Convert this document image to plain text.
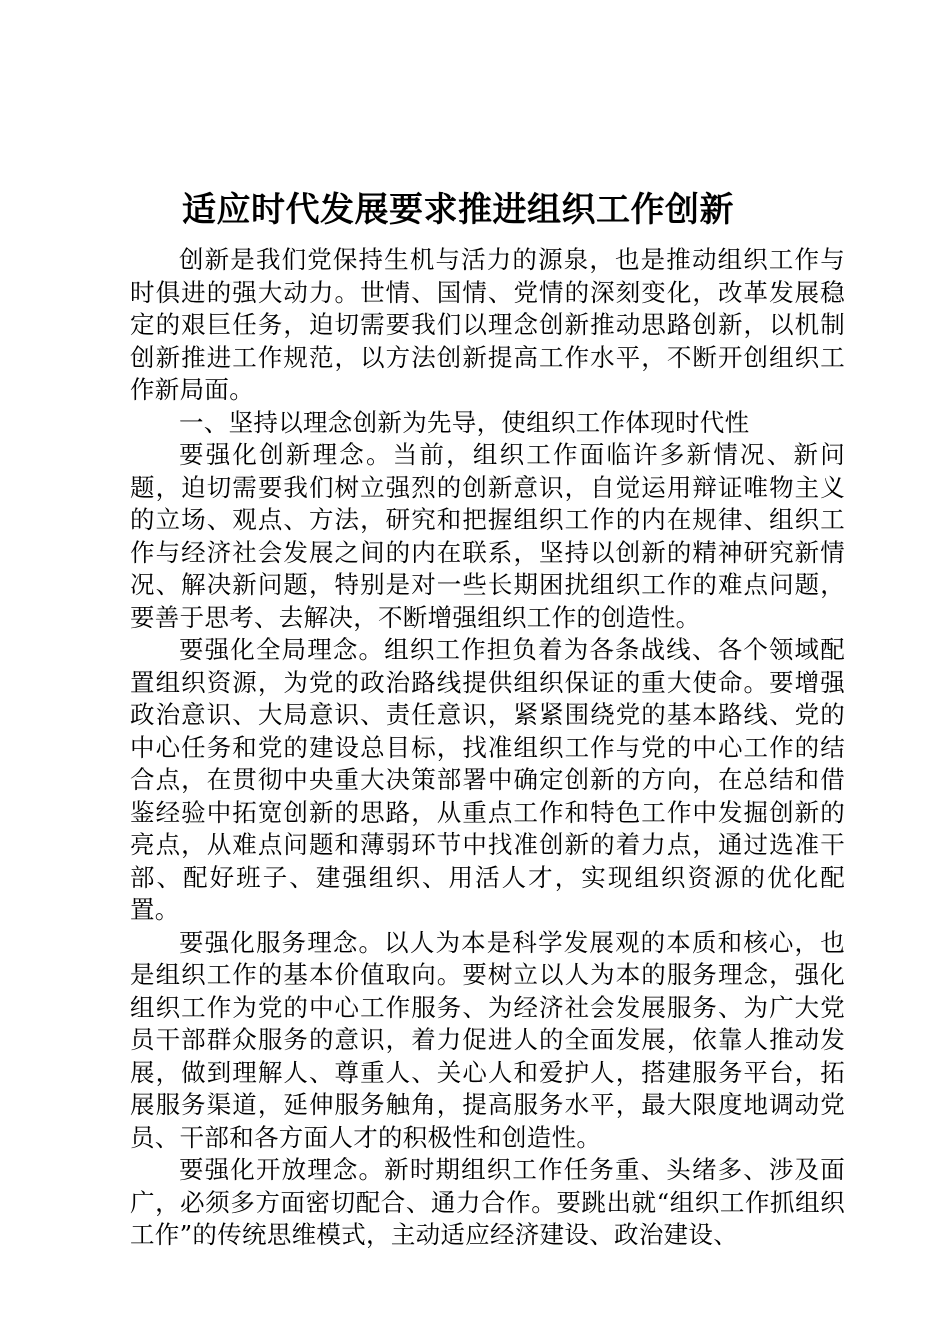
适应时代发展要求推进组织工作创新

创新是我们党保持生机与活力的源泉，也是推动组织工作与时俱进的强大动力。世情、国情、党情的深刻变化，改革发展稳定的艰巨任务，迫切需要我们以理念创新推动思路创新，以机制创新推进工作规范，以方法创新提高工作水平，不断开创组织工作新局面。

一、坚持以理念创新为先导，使组织工作体现时代性

要强化创新理念。当前，组织工作面临许多新情况、新问题，迫切需要我们树立强烈的创新意识，自觉运用辩证唯物主义的立场、观点、方法，研究和把握组织工作的内在规律、组织工作与经济社会发展之间的内在联系，坚持以创新的精神研究新情况、解决新问题，特别是对一些长期困扰组织工作的难点问题，要善于思考、去解决，不断增强组织工作的创造性。

要强化全局理念。组织工作担负着为各条战线、各个领域配置组织资源，为党的政治路线提供组织保证的重大使命。要增强政治意识、大局意识、责任意识，紧紧围绕党的基本路线、党的中心任务和党的建设总目标，找准组织工作与党的中心工作的结合点，在贯彻中央重大决策部署中确定创新的方向，在总结和借鉴经验中拓宽创新的思路，从重点工作和特色工作中发掘创新的亮点，从难点问题和薄弱环节中找准创新的着力点，通过选准干部、配好班子、建强组织、用活人才，实现组织资源的优化配置。

要强化服务理念。以人为本是科学发展观的本质和核心，也是组织工作的基本价值取向。要树立以人为本的服务理念，强化组织工作为党的中心工作服务、为经济社会发展服务、为广大党员干部群众服务的意识，着力促进人的全面发展，依靠人推动发展，做到理解人、尊重人、关心人和爱护人，搭建服务平台，拓展服务渠道，延伸服务触角，提高服务水平，最大限度地调动党员、干部和各方面人才的积极性和创造性。

要强化开放理念。新时期组织工作任务重、头绪多、涉及面广，必须多方面密切配合、通力合作。要跳出就“组织工作抓组织工作”的传统思维模式，主动适应经济建设、政治建设、
